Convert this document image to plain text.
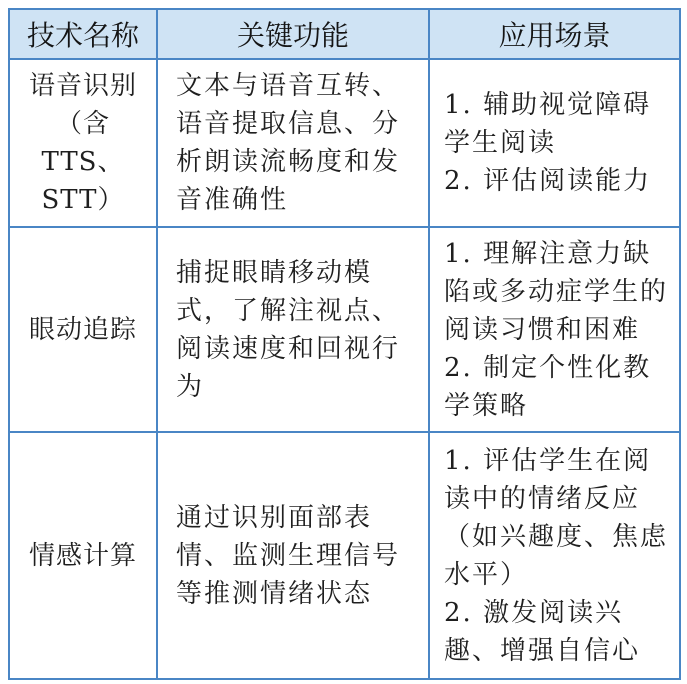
技术名称	关键功能	应用场景
语音识别（含 TTS、STT）	文本与语音互转、语音提取信息、分析朗读流畅度和发音准确性	1. 辅助视觉障碍学生阅读
2. 评估阅读能力

眼动追踪	捕捉眼睛移动模式，了解注视点、阅读速度和回视行为	1. 理解注意力缺陷或多动症学生的阅读习惯和困难
2. 制定个性化教学策略

情感计算	通过识别面部表情、监测生理信号等推测情绪状态	1. 评估学生在阅读中的情绪反应（如兴趣度、焦虑水平）
2. 激发阅读兴趣、增强自信心
